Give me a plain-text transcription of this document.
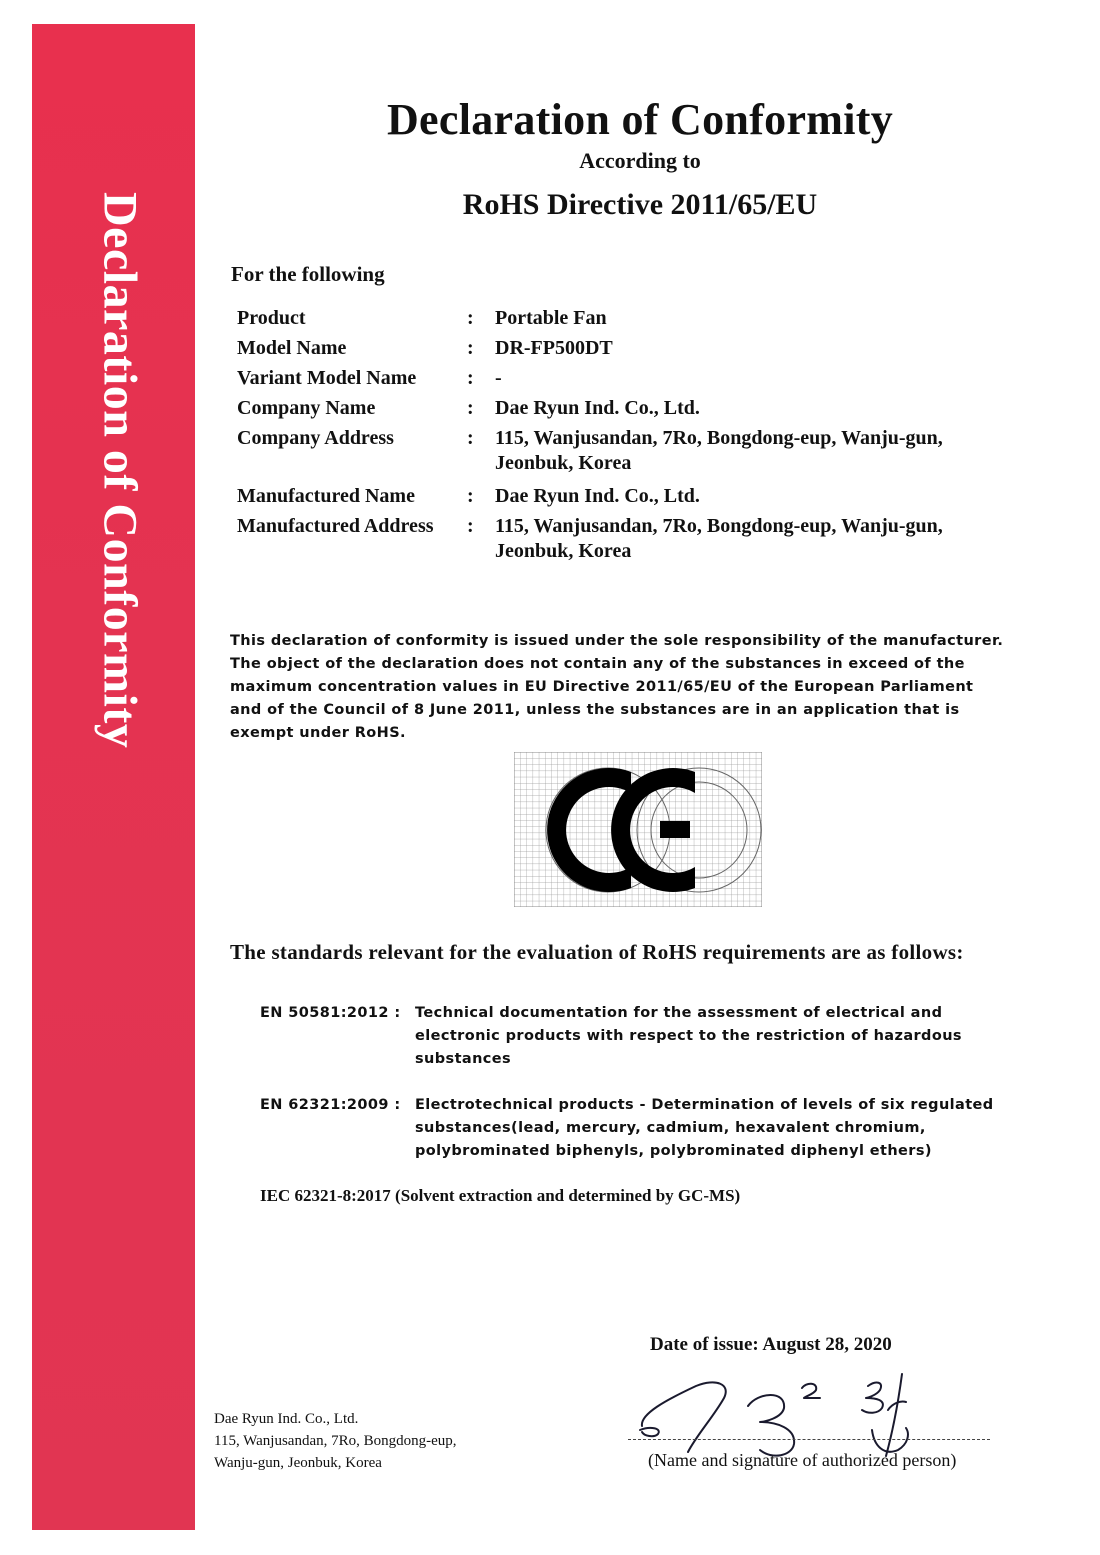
Declaration of Conformity
Declaration of Conformity
According to
RoHS Directive 2011/65/EU
For the following
Product	:	Portable Fan
Model Name	:	DR-FP500DT
Variant Model Name	:	-
Company Name	:	Dae Ryun Ind. Co., Ltd.
Company Address	:	115, Wanjusandan, 7Ro, Bongdong-eup, Wanju-gun,
Jeonbuk, Korea
Manufactured Name	:	Dae Ryun Ind. Co., Ltd.
Manufactured Address	:	115, Wanjusandan, 7Ro, Bongdong-eup, Wanju-gun,
Jeonbuk, Korea
This declaration of conformity is issued under the sole responsibility of the manufacturer.
The object of the declaration does not contain any of the substances in exceed of the
maximum concentration values in EU Directive 2011/65/EU of the European Parliament
and of the Council of 8 June 2011, unless the substances are in an application that is
exempt under RoHS.
The standards relevant for the evaluation of RoHS requirements are as follows:
EN 50581:2012 : Technical documentation for the assessment of electrical and
electronic products with respect to the restriction of hazardous
substances
EN 62321:2009 : Electrotechnical products - Determination of levels of six regulated
substances(lead, mercury, cadmium, hexavalent chromium,
polybrominated biphenyls, polybrominated diphenyl ethers)
IEC 62321-8:2017 (Solvent extraction and determined by GC-MS)
Date of issue: August 28, 2020
(Name and signature of authorized person)
Dae Ryun Ind. Co., Ltd.
115, Wanjusandan, 7Ro, Bongdong-eup,
Wanju-gun, Jeonbuk, Korea
